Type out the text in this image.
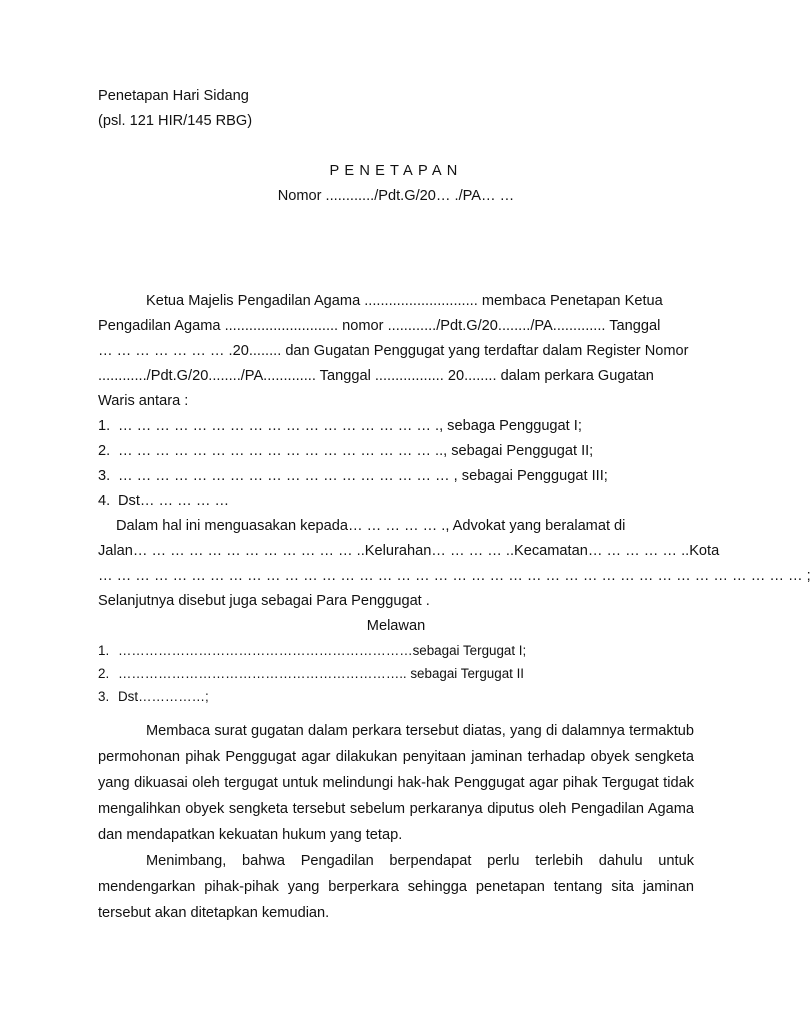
Penetapan Hari Sidang
(psl. 121 HIR/145 RBG)
PENETAPAN
Nomor ............/Pdt.G/20… ./PA… …
Ketua Majelis Pengadilan Agama ............................ membaca Penetapan Ketua
Pengadilan Agama ............................ nomor ............/Pdt.G/20......../PA............. Tanggal
… … … … … … … .20........ dan Gugatan Penggugat yang terdaftar dalam Register Nomor
............/Pdt.G/20......../PA............. Tanggal ................. 20........ dalam perkara Gugatan
Waris antara :
1. … … … … … … … … … … … … … … … … … ., sebaga Penggugat I;
2. … … … … … … … … … … … … … … … … … .., sebagai Penggugat II;
3. … … … … … … … … … … … … … … … … … … , sebagai Penggugat III;
4. Dst… … … … …
Dalam hal ini menguasakan kepada… … … … … ., Advokat yang beralamat di
Jalan… … … … … … … … … … … … ..Kelurahan… … … … ..Kecamatan… … … … … ..Kota
… … … … … … … … … … … … … … … … … … … … … … … … … … … … … … … … … … … … … … ;
Selanjutnya disebut juga sebagai Para Penggugat .
Melawan
1. …………………………………………………………sebagai Tergugat I;
2. ……………………………………………………….. sebagai Tergugat II
3. Dst……………;
Membaca surat gugatan dalam perkara tersebut diatas, yang di dalamnya termaktub permohonan pihak Penggugat agar dilakukan penyitaan jaminan terhadap obyek sengketa yang dikuasai oleh tergugat untuk melindungi hak-hak Penggugat agar pihak Tergugat tidak mengalihkan obyek sengketa tersebut sebelum perkaranya diputus oleh Pengadilan Agama dan mendapatkan kekuatan hukum yang tetap.
Menimbang, bahwa Pengadilan berpendapat perlu terlebih dahulu untuk mendengarkan pihak-pihak yang berperkara sehingga penetapan tentang sita jaminan tersebut akan ditetapkan kemudian.
